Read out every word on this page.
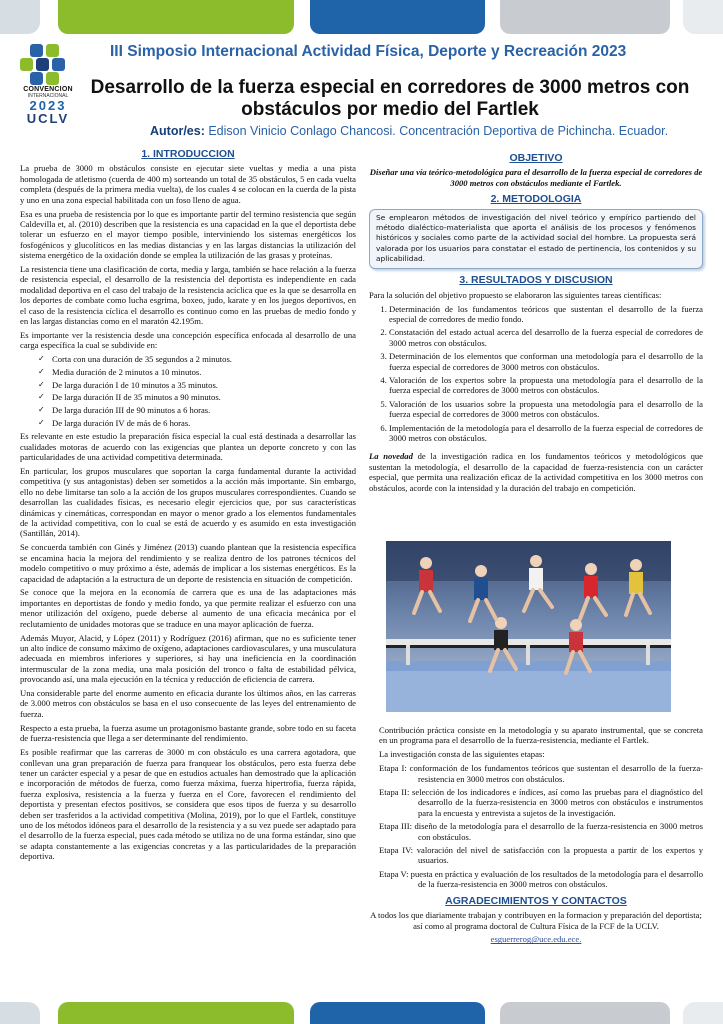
CONVENCION
INTERNACIONAL
2023
UCLV
III Simposio Internacional Actividad Física, Deporte y Recreación 2023
Desarrollo de la fuerza especial en corredores de 3000 metros con obstáculos por medio del Fartlek
Autor/es: Edison Vinicio Conlago Chancosi. Concentración Deportiva de Pichincha. Ecuador.
1. INTRODUCCION

La prueba de 3000 m obstáculos consiste en ejecutar siete vueltas y media a una pista homologada de atletismo (cuerda de 400 m) sorteando un total de 35 obstáculos, 5 en cada vuelta completa (después de la primera media vuelta), de los cuales 4 se colocan en la cuerda de la pista y uno en una zona especial habilitada con un foso lleno de agua.

Esa es una prueba de resistencia por lo que es importante partir del termino resistencia que según Caldevilla et, al. (2010) describen que la resistencia es una capacidad en la que el deportista debe tolerar un esfuerzo en el mayor tiempo posible, interviniendo los sistemas energéticos los fosfogénicos y glucolíticos en las medias distancias y en las largas distancias la utilización del sistema energético de la oxidación donde se emplea la utilización de las grasas y proteínas.

La resistencia tiene una clasificación de corta, media y larga, también se hace relación a la fuerza de resistencia especial, el desarrollo de la resistencia del deportista es independiente en cada modalidad deportiva en el caso del trabajo de la resistencia acíclica que es la que se desarrolla en los deportes de combate como lucha esgrima, boxeo, judo, karate y en los juegos deportivos, en el caso de la resistencia cíclica el desarrollo es continuo como en las pruebas de medio fondo y en las largas distancias como en el maratón 42.195m.

Es importante ver la resistencia desde una concepción específica enfocada al desarrollo de una carga específica la cual se subdivide en:

✓ Corta con una duración de 35 segundos a 2 minutos.
✓ Media duración de 2 minutos a 10 minutos.
✓ De larga duración I de 10 minutos a 35 minutos.
✓ De larga duración II de 35 minutos a 90 minutos.
✓ De larga duración III de 90 minutos a 6 horas.
✓ De larga duración IV de más de 6 horas.

Es relevante en este estudio la preparación física especial la cual está destinada a desarrollar las cualidades motoras de acuerdo con las exigencias que plantea un deporte concreto y con las particularidades de una actividad competitiva determinada.

En particular, los grupos musculares que soportan la carga fundamental durante la actividad competitiva (y sus antagonistas) deben ser sometidos a la acción más importante. Sin embargo, ello no debe limitarse tan solo a la acción de los grupos musculares correspondientes. Cuando se desarrollan las cualidades físicas, es necesario elegir ejercicios que, por sus características dinámicas y cinemáticas, correspondan en mayor o menor grado a los elementos fundamentales de la actividad competitiva, con lo cual se está de acuerdo y es asumido en esta investigación (Santillán, 2014).

Se concuerda también con Ginés y Jiménez (2013) cuando plantean que la resistencia específica se encamina hacia la mejora del rendimiento y se realiza dentro de los patrones técnicos del modelo competitivo o muy próximo a éste, además de implicar a los sistemas energéticos. Es la capacidad de adaptación a la estructura de un deporte de resistencia en situación de competición.

Se conoce que la mejora en la economía de carrera que es una de las adaptaciones más importantes en deportistas de fondo y medio fondo, ya que permite realizar el esfuerzo con una menor utilización del oxígeno, puede deberse al aumento de una eficacia mecánica por el reclutamiento de unidades motoras que se traduce en una mayor aplicación de fuerza.

Además Muyor, Alacid, y López (2011) y Rodríguez (2016) afirman, que no es suficiente tener un alto índice de consumo máximo de oxígeno, adaptaciones cardiovasculares, y una musculatura adecuada en miembros inferiores y superiores, si hay una ineficiencia en la coordinación intermuscular de la zona media, una mala posición del tronco o falta de estabilidad pélvica, provocando así, una mala ejecución en la técnica y reducción de eficiencia de carrera.

Una considerable parte del enorme aumento en eficacia durante los últimos años, en las carreras de 3.000 metros con obstáculos se basa en el uso consecuente de las leyes del entrenamiento de fuerza.

Respecto a esta prueba, la fuerza asume un protagonismo bastante grande, sobre todo en su faceta de fuerza-resistencia que llega a ser determinante del rendimiento.

Es posible reafirmar que las carreras de 3000 m con obstáculo es una carrera agotadora, que conllevan una gran preparación de fuerza para franquear los obstáculos, pero esta fuerza debe tener un carácter especial y a pesar de que en estudios actuales han demostrado que la aplicación e incorporación de métodos de fuerza, como fuerza máxima, fuerza hipertrofia, fuerza rápida, fuerza explosiva, resistencia a la fuerza y fuerza en el Core, favorecen el rendimiento del deportista y presentan efectos positivos, se considera que esos tipos de fuerza y su desarrollo deben ser trasferidos a la actividad competitiva (Molina, 2019), por lo que el Fartlek, constituye uno de los métodos idóneos para el desarrollo de la resistencia y a su vez puede ser adaptado para el desarrollo de la fuerza especial, pues cada método se utiliza no de una forma estándar, sino que se adapta constantemente a las exigencias concretas y a las particularidades de la preparación deportiva.

OBJETIVO
Diseñar una vía teórico-metodológica para el desarrollo de la fuerza especial de corredores de 3000 metros con obstáculos mediante el Fartlek.
2. METODOLOGIA
Se emplearon métodos de investigación del nivel teórico y empírico partiendo del método dialéctico-materialista que aporta el análisis de los procesos y fenómenos históricos y sociales como parte de la actividad social del hombre. La propuesta será valorada por los usuarios para constatar el estado de pertinencia, los contenidos y su aplicabilidad.
3. RESULTADOS Y DISCUSION

Para la solución del objetivo propuesto se elaboraron las siguientes tareas científicas:

1. Determinación de los fundamentos teóricos que sustentan el desarrollo de la fuerza especial de corredores de medio fondo.
2. Constatación del estado actual acerca del desarrollo de la fuerza especial de corredores de 3000 metros con obstáculos.
3. Determinación de los elementos que conforman una metodología para el desarrollo de la fuerza especial de corredores de 3000 metros con obstáculos.
4. Valoración de los expertos sobre la propuesta una metodología para el desarrollo de la fuerza especial de corredores de 3000 metros con obstáculos.
5. Valoración de los usuarios sobre la propuesta una metodología para el desarrollo de la fuerza especial de corredores de 3000 metros con obstáculos.
6. Implementación de la metodología para el desarrollo de la fuerza especial de corredores de 3000 metros con obstáculos.

La novedad de la investigación radica en los fundamentos teóricos y metodológicos que sustentan la metodología, el desarrollo de la capacidad de fuerza-resistencia con un carácter especial, que permita una realización eficaz de la actividad competitiva en los 3000 metros con obstáculos, acorde con la intensidad y la duración del trabajo en competición.

Contribución práctica consiste en la metodología y su aparato instrumental, que se concreta en un programa para el desarrollo de la fuerza-resistencia, mediante el Fartlek.

La investigación consta de las siguientes etapas:

Etapa I: conformación de los fundamentos teóricos que sustentan el desarrollo de la fuerza-resistencia en 3000 metros con obstáculos.
Etapa II: selección de los indicadores e índices, así como las pruebas para el diagnóstico del desarrollo de la fuerza-resistencia en 3000 metros con obstáculos e instrumentos para la encuesta y entrevista a sujetos de la investigación.
Etapa III: diseño de la metodología para el desarrollo de la fuerza-resistencia en 3000 metros con obstáculos.
Etapa IV: valoración del nivel de satisfacción con la propuesta a partir de los expertos y usuarios.
Etapa V: puesta en práctica y evaluación de los resultados de la metodología para el desarrollo de la fuerza-resistencia en 3000 metros con obstáculos.
AGRADECIMIENTOS Y CONTACTOS

A todos los que diariamente trabajan y contribuyen en la formacion y preparación del deportista; así como al programa doctoral de Cultura Física de la FCF de la UCLV.

esguerrerog@uce.edu.ece.
